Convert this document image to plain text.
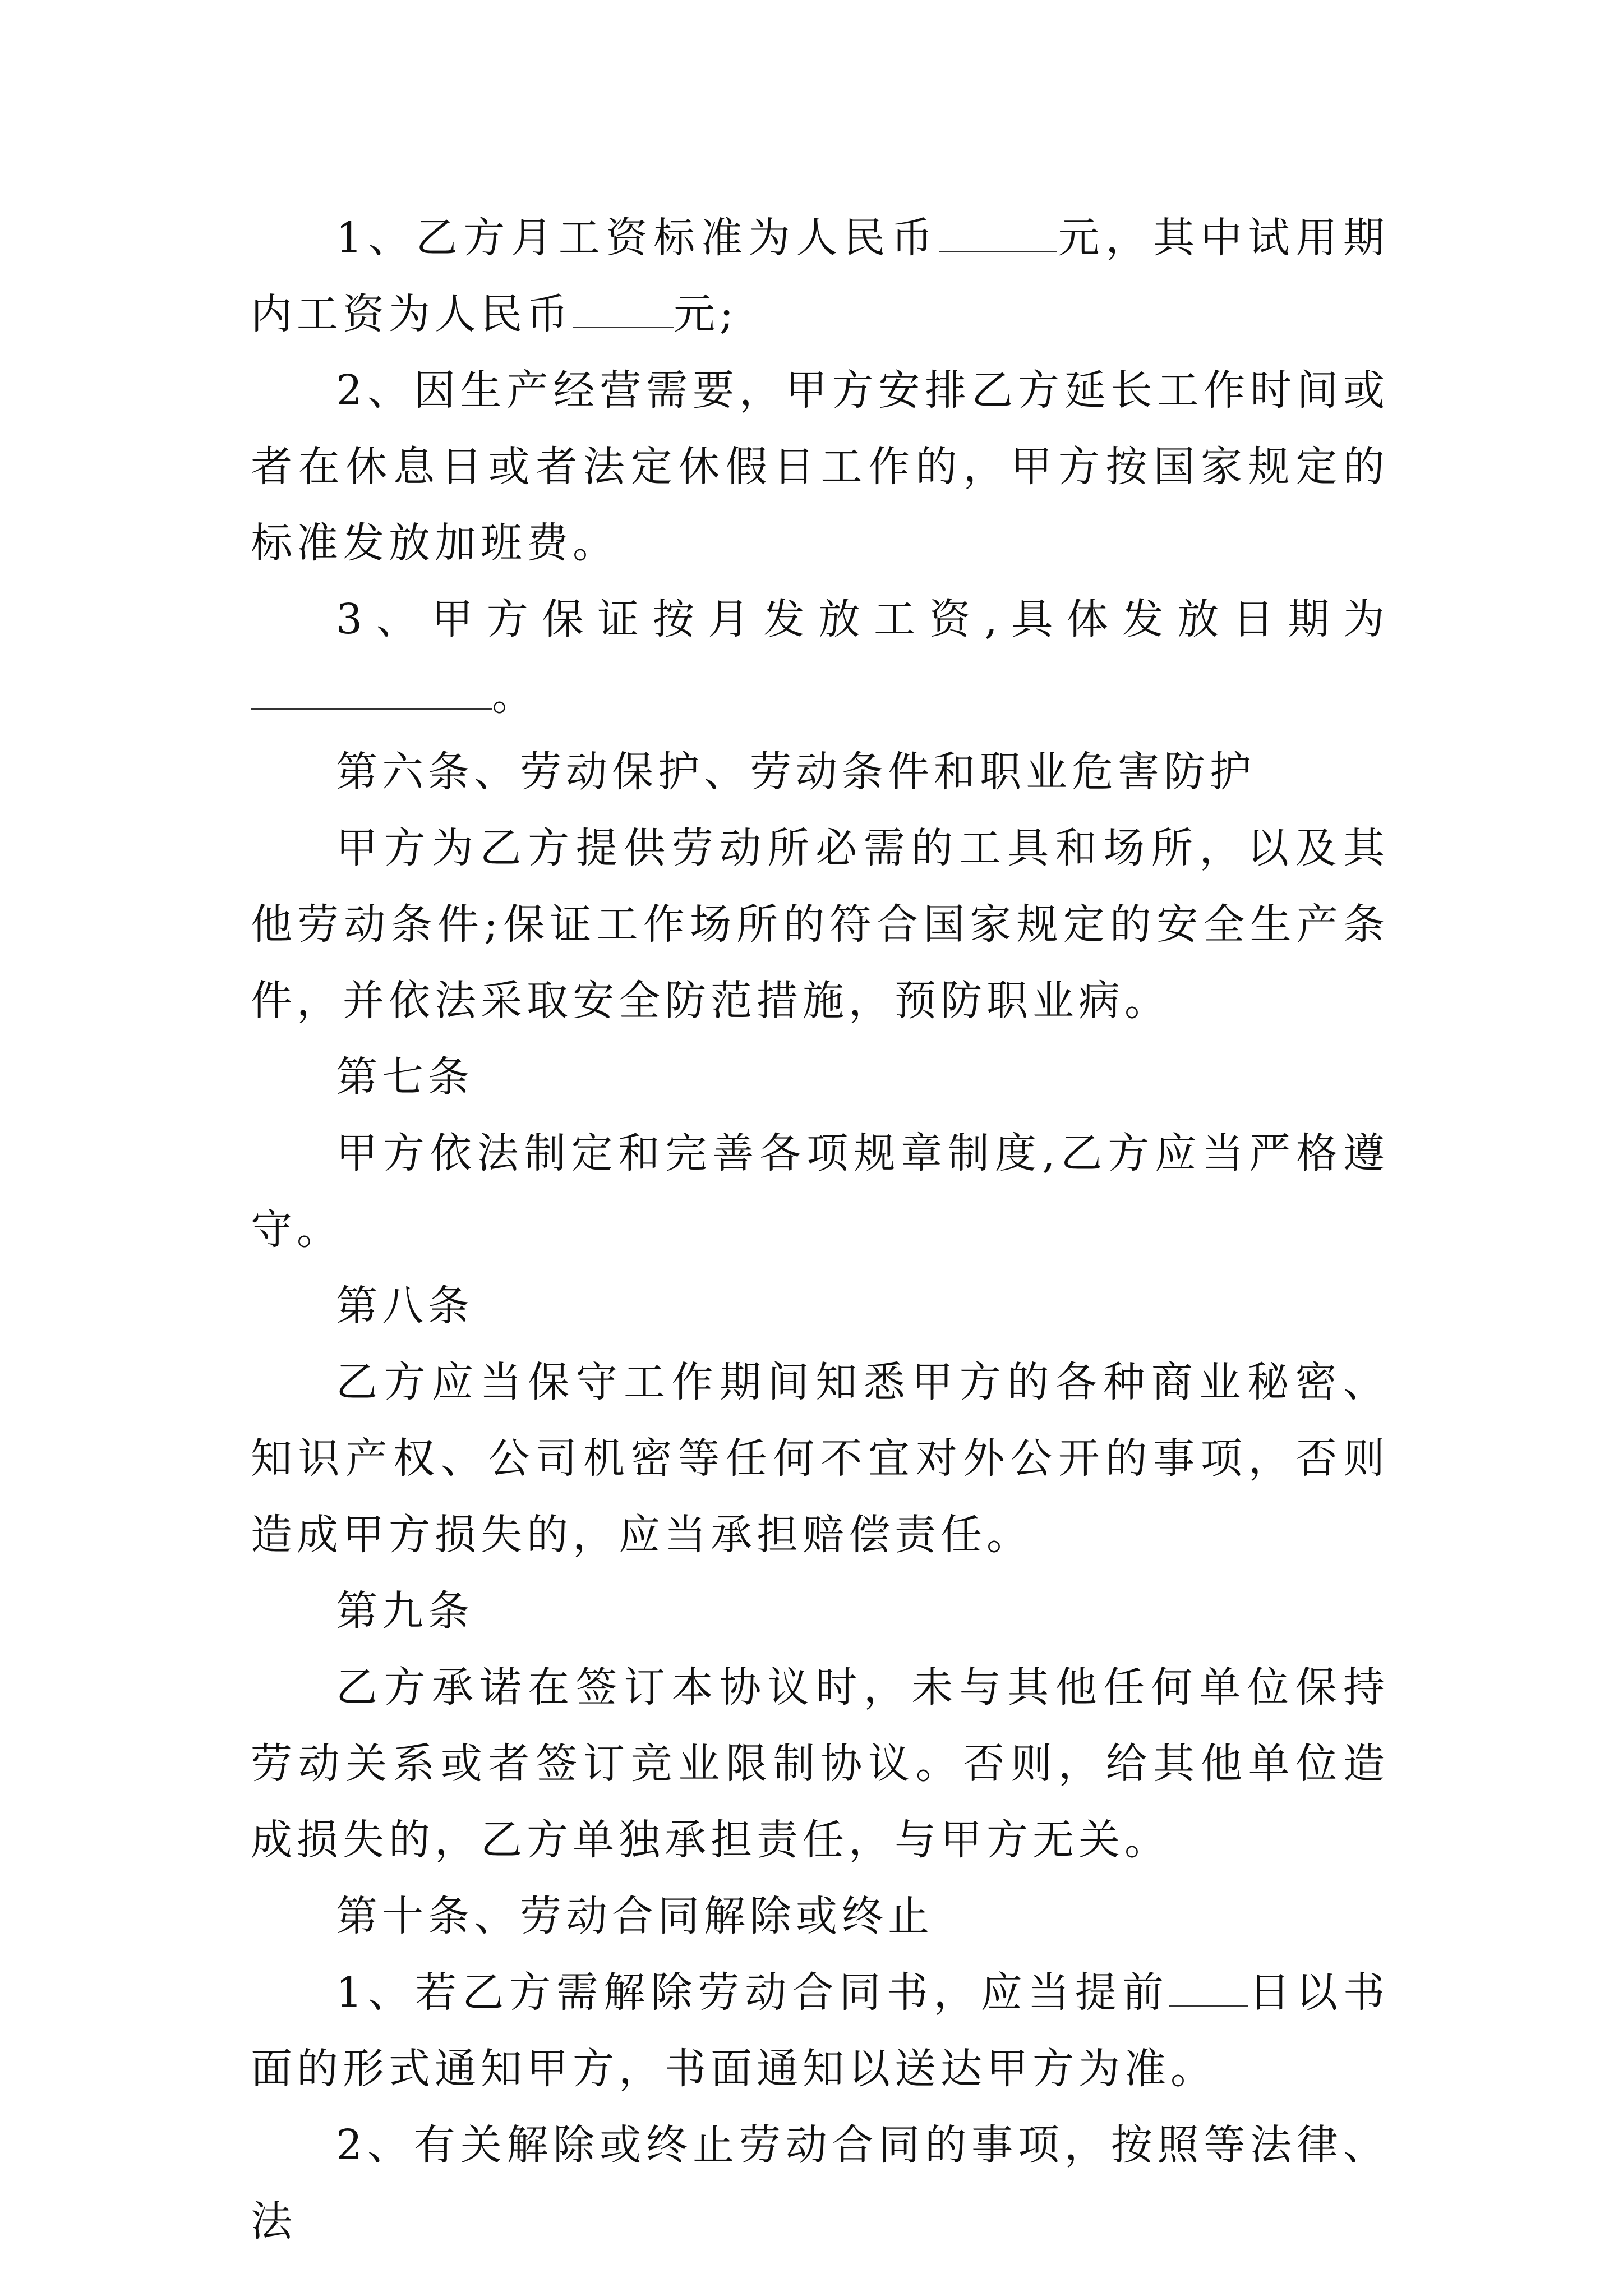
1、乙方月工资标准为人民币	元，其中试用期内工资为人民币 元;

2、因生产经营需要，甲方安排乙方延长工作时间或者在休息日或者法定休假日工作的，甲方按国家规定的标准发放加班费。

3、甲方保证按月发放工资,具体发放日期为。

第六条、劳动保护、劳动条件和职业危害防护

甲方为乙方提供劳动所必需的工具和场所，以及其他劳动条件;保证工作场所的符合国家规定的安全生产条件，并依法采取安全防范措施，预防职业病。

第七条

甲方依法制定和完善各项规章制度,乙方应当严格遵守。

第八条

乙方应当保守工作期间知悉甲方的各种商业秘密、知识产权、公司机密等任何不宜对外公开的事项，否则造成甲方损失的，应当承担赔偿责任。

第九条

乙方承诺在签订本协议时，未与其他任何单位保持劳动关系或者签订竞业限制协议。否则，给其他单位造成损失的，乙方单独承担责任，与甲方无关。

第十条、劳动合同解除或终止

1、若乙方需解除劳动合同书，应当提前 日以书面的形式通知甲方，书面通知以送达甲方为准。

2、有关解除或终止劳动合同的事项，按照等法律、法
